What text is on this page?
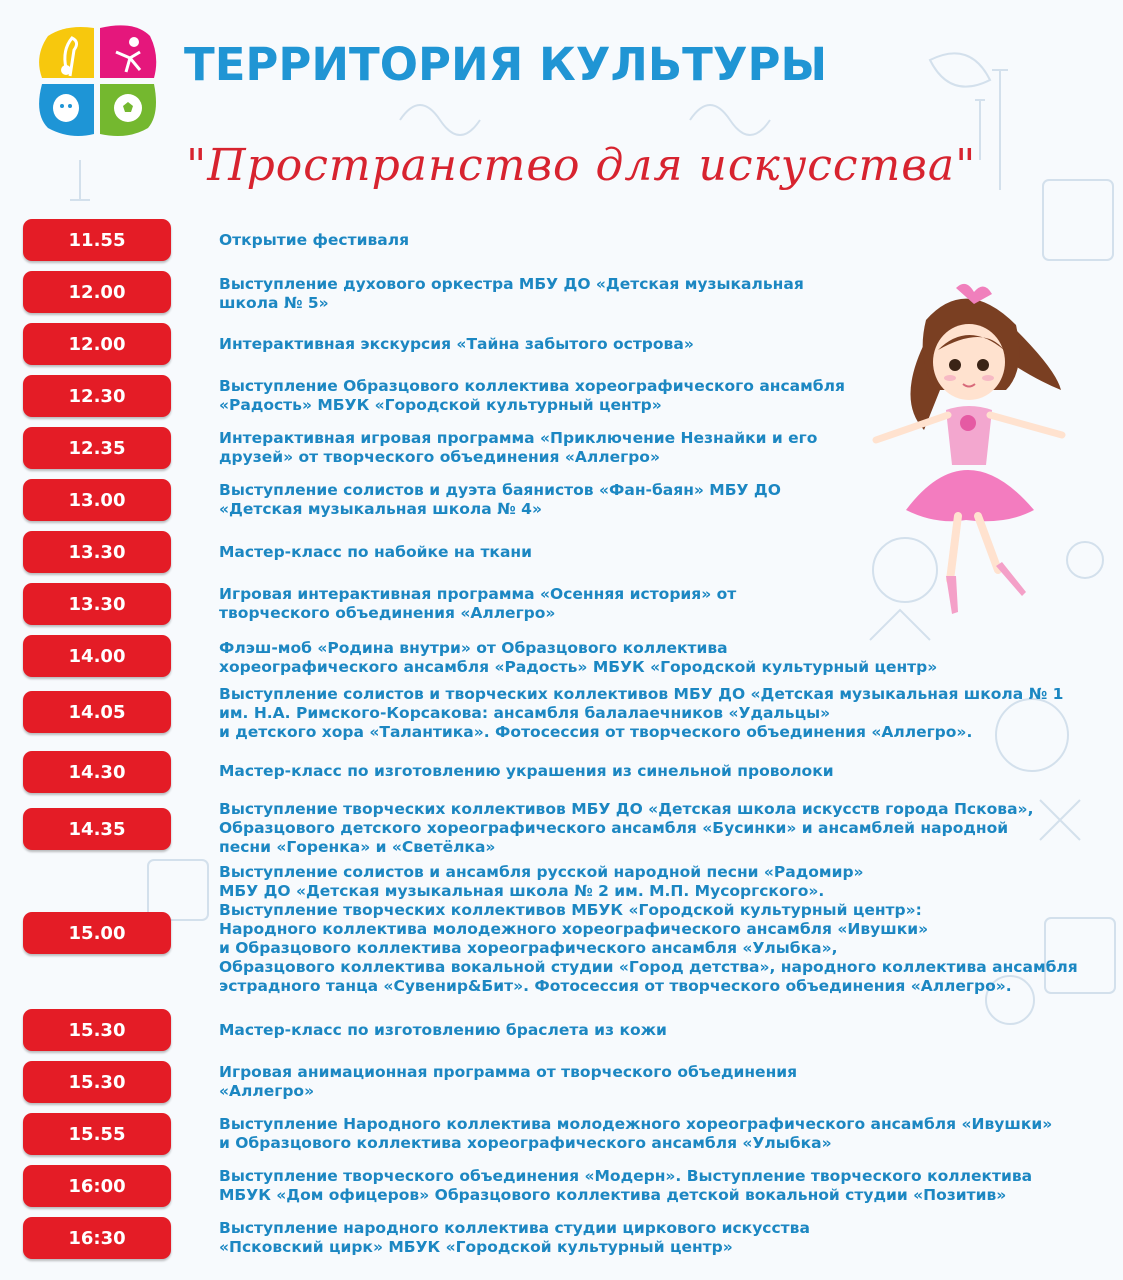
ТЕРРИТОРИЯ КУЛЬТУРЫ
"Пространство для искусства"
11.55	Открытие фестиваля
12.00	Выступление духового оркестра МБУ ДО «Детская музыкальная
школа № 5»
12.00	Интерактивная экскурсия «Тайна забытого острова»
12.30	Выступление Образцового коллектива хореографического ансамбля
«Радость» МБУК «Городской культурный центр»
12.35	Интерактивная игровая программа «Приключение Незнайки и его
друзей» от творческого объединения «Аллегро»
13.00	Выступление солистов и дуэта баянистов «Фан-баян» МБУ ДО
«Детская музыкальная школа № 4»
13.30	Мастер-класс по набойке на ткани
13.30	Игровая интерактивная программа «Осенняя история» от
творческого объединения «Аллегро»
14.00	Флэш-моб «Родина внутри» от Образцового коллектива
хореографического ансамбля «Радость» МБУК «Городской культурный центр»
14.05
Выступление солистов и творческих коллективов МБУ ДО «Детская музыкальная школа № 1
им. Н.А. Римского-Корсакова: ансамбля балалаечников «Удальцы»
и детского хора «Талантика». Фотосессия от творческого объединения «Аллегро».
14.30	Мастер-класс по изготовлению украшения из синельной проволоки
14.35
Выступление творческих коллективов МБУ ДО «Детская школа искусств города Пскова»,
Образцового детского хореографического ансамбля «Бусинки» и ансамблей народной
песни «Горенка» и «Светёлка»
15.00
Выступление солистов и ансамбля русской народной песни «Радомир»
МБУ ДО «Детская музыкальная школа № 2 им. М.П. Мусоргского».
Выступление творческих коллективов МБУК «Городской культурный центр»:
Народного коллектива молодежного хореографического ансамбля «Ивушки»
и Образцового коллектива хореографического ансамбля «Улыбка»,
Образцового коллектива вокальной студии «Город детства», народного коллектива ансамбля
эстрадного танца «Сувенир&Бит». Фотосессия от творческого объединения «Аллегро».
15.30	Мастер-класс по изготовлению браслета из кожи
15.30	Игровая анимационная программа от творческого объединения
«Аллегро»
15.55	Выступление Народного коллектива молодежного хореографического ансамбля «Ивушки»
и Образцового коллектива хореографического ансамбля «Улыбка»
16:00	Выступление творческого объединения «Модерн». Выступление творческого коллектива
МБУК «Дом офицеров» Образцового коллектива детской вокальной студии «Позитив»
16:30	Выступление народного коллектива студии циркового искусства
«Псковский цирк» МБУК «Городской культурный центр»
